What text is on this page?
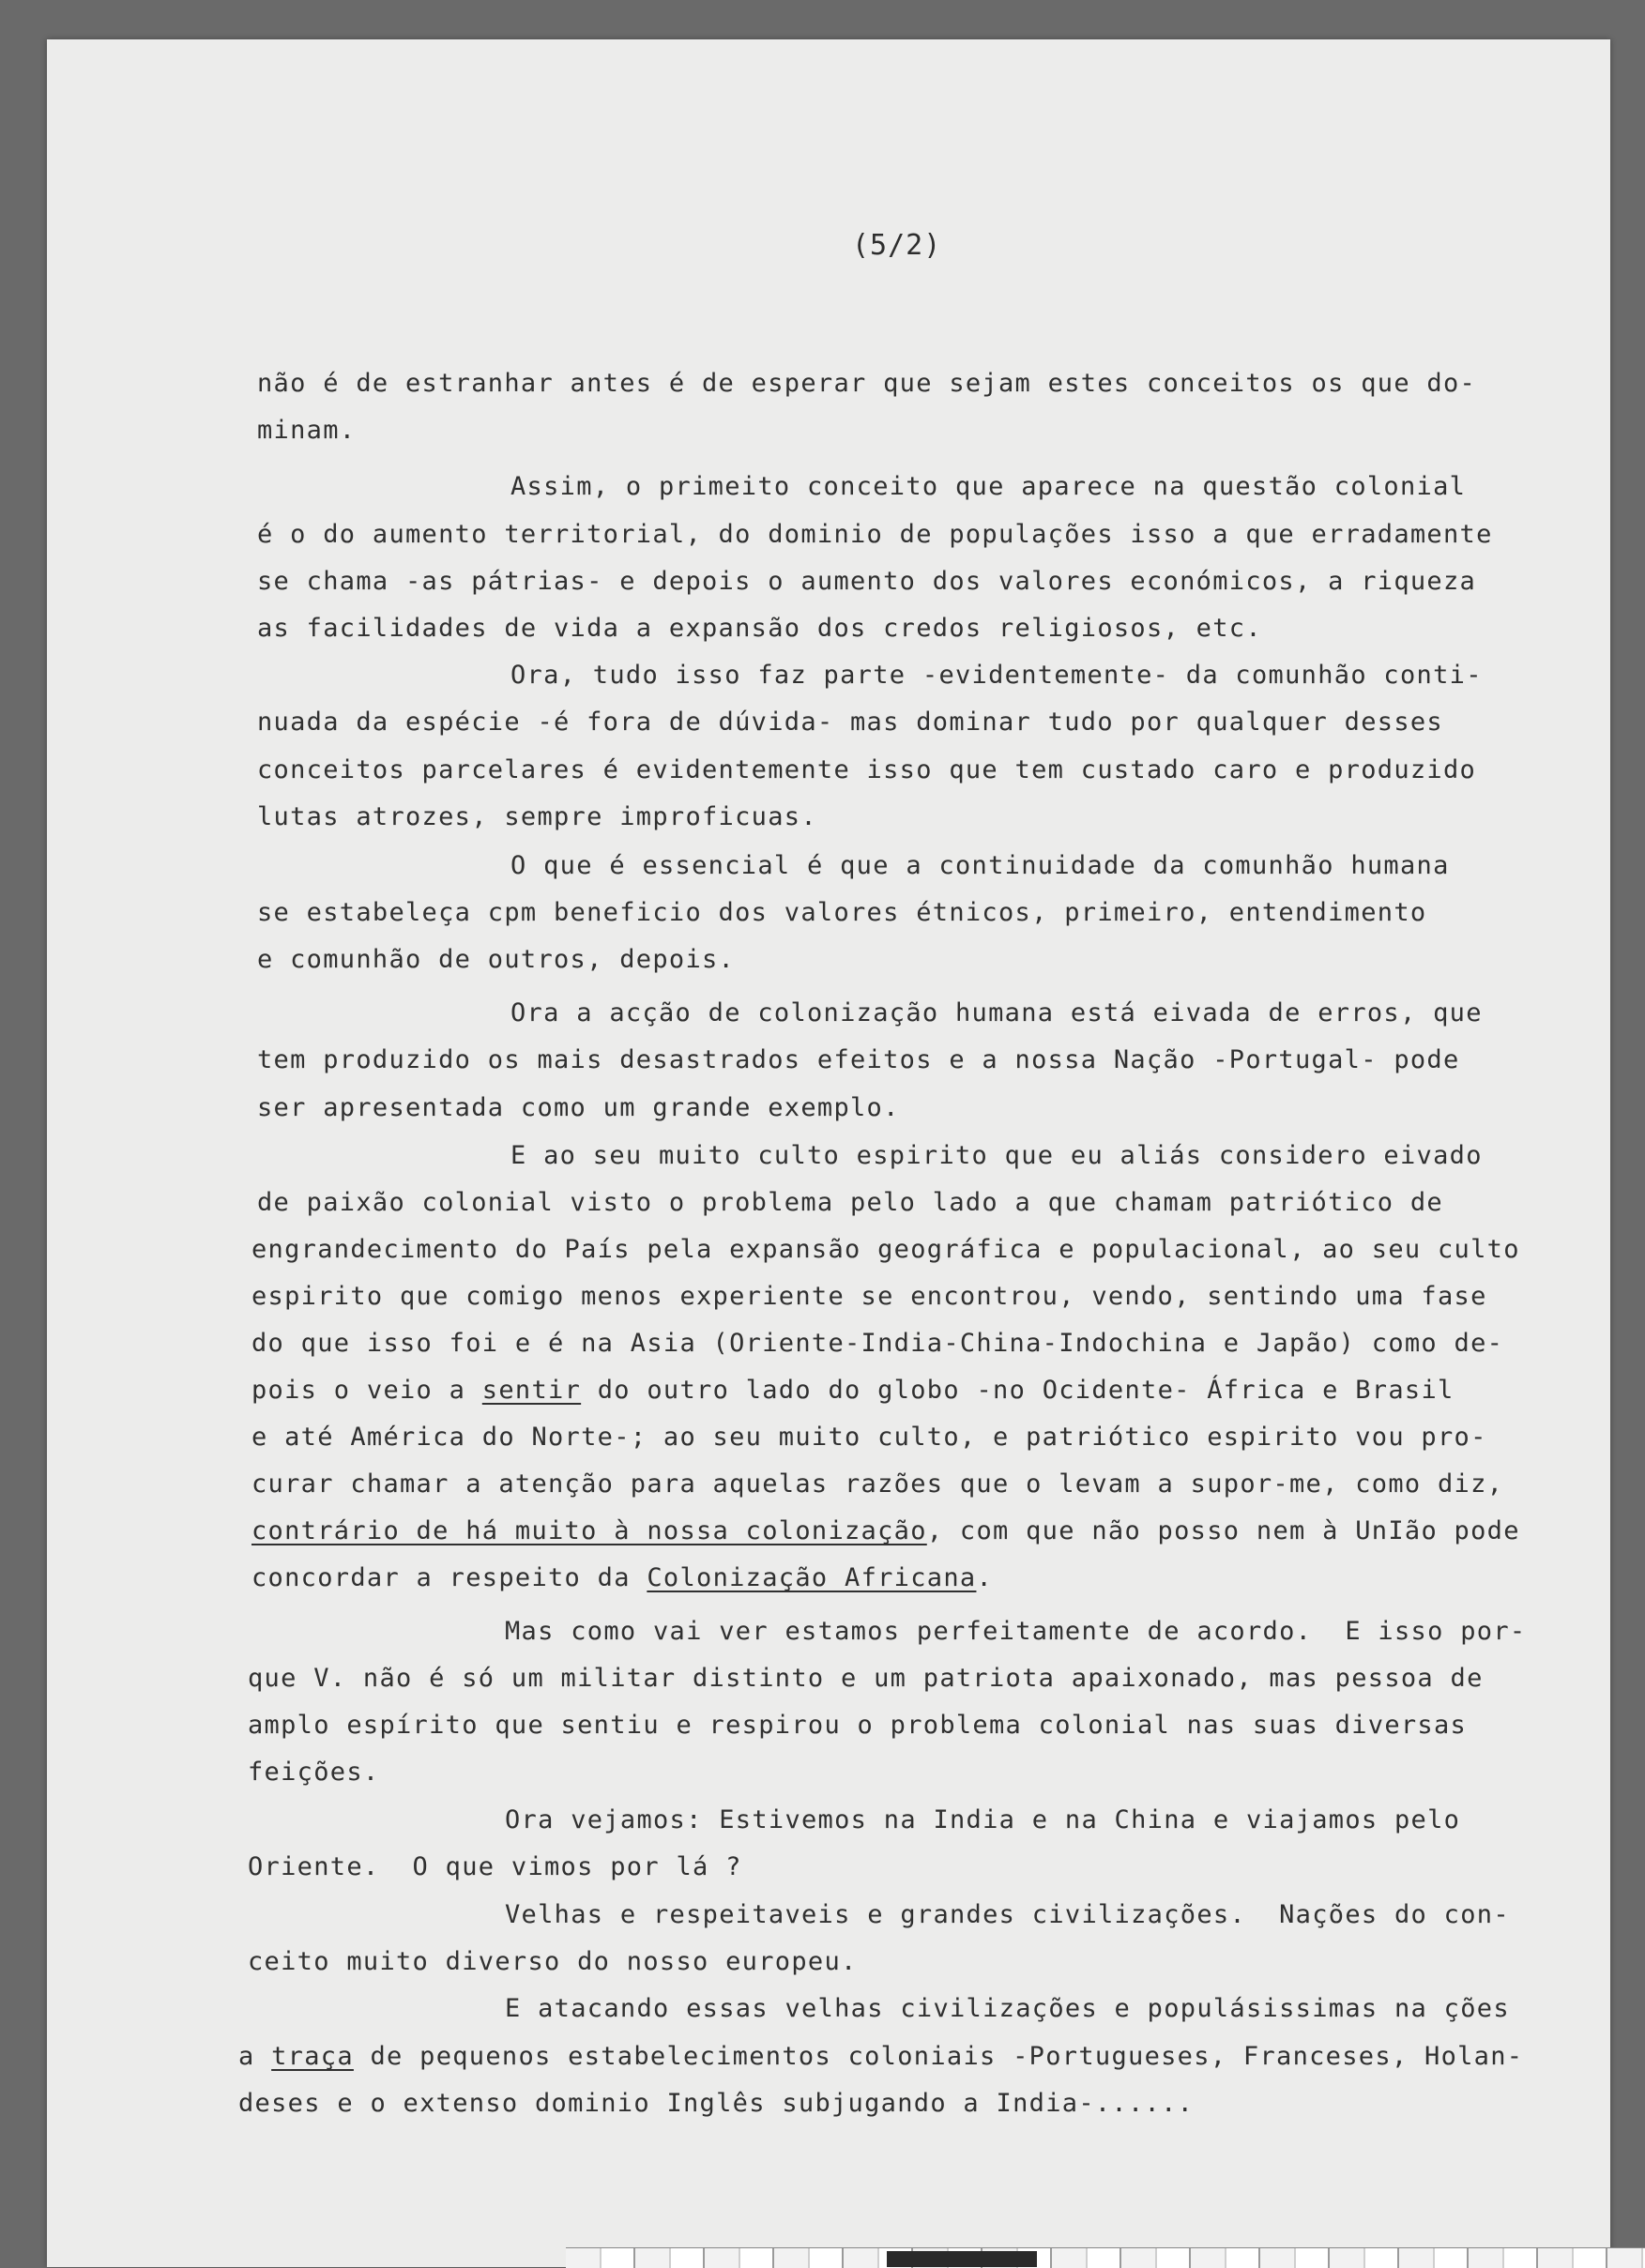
(5/2)

não é de estranhar antes é de esperar que sejam estes conceitos os que do-

minam.

Assim, o primeito conceito que aparece na questão colonial

é o do aumento territorial, do dominio de populações isso a que erradamente

se chama -as pátrias- e depois o aumento dos valores económicos, a riqueza

as facilidades de vida a expansão dos credos religiosos, etc.

Ora, tudo isso faz parte -evidentemente- da comunhão conti-

nuada da espécie -é fora de dúvida- mas dominar tudo por qualquer desses

conceitos parcelares é evidentemente isso que tem custado caro e produzido

lutas atrozes, sempre improficuas.

O que é essencial é que a continuidade da comunhão humana

se estabeleça cpm beneficio dos valores étnicos, primeiro, entendimento

e comunhão de outros, depois.

Ora a acção de colonização humana está eivada de erros, que

tem produzido os mais desastrados efeitos e a nossa Nação -Portugal- pode

ser apresentada como um grande exemplo.

E ao seu muito culto espirito que eu aliás considero eivado

de paixão colonial visto o problema pelo lado a que chamam patriótico de

engrandecimento do País pela expansão geográfica e populacional, ao seu culto

espirito que comigo menos experiente se encontrou, vendo, sentindo uma fase

do que isso foi e é na Asia (Oriente-India-China-Indochina e Japão) como de-

pois o veio a sentir do outro lado do globo -no Ocidente- África e Brasil

e até América do Norte-; ao seu muito culto, e patriótico espirito vou pro-

curar chamar a atenção para aquelas razões que o levam a supor-me, como diz,

contrário de há muito à nossa colonização, com que não posso nem à UnIão pode

concordar a respeito da Colonização Africana.

Mas como vai ver estamos perfeitamente de acordo.  E isso por-

que V. não é só um militar distinto e um patriota apaixonado, mas pessoa de

amplo espírito que sentiu e respirou o problema colonial nas suas diversas

feições.

Ora vejamos: Estivemos na India e na China e viajamos pelo

Oriente.  O que vimos por lá ?

Velhas e respeitaveis e grandes civilizações.  Nações do con-

ceito muito diverso do nosso europeu.

E atacando essas velhas civilizações e populásissimas na ções

a traça de pequenos estabelecimentos coloniais -Portugueses, Franceses, Holan-

deses e o extenso dominio Inglês subjugando a India-......
